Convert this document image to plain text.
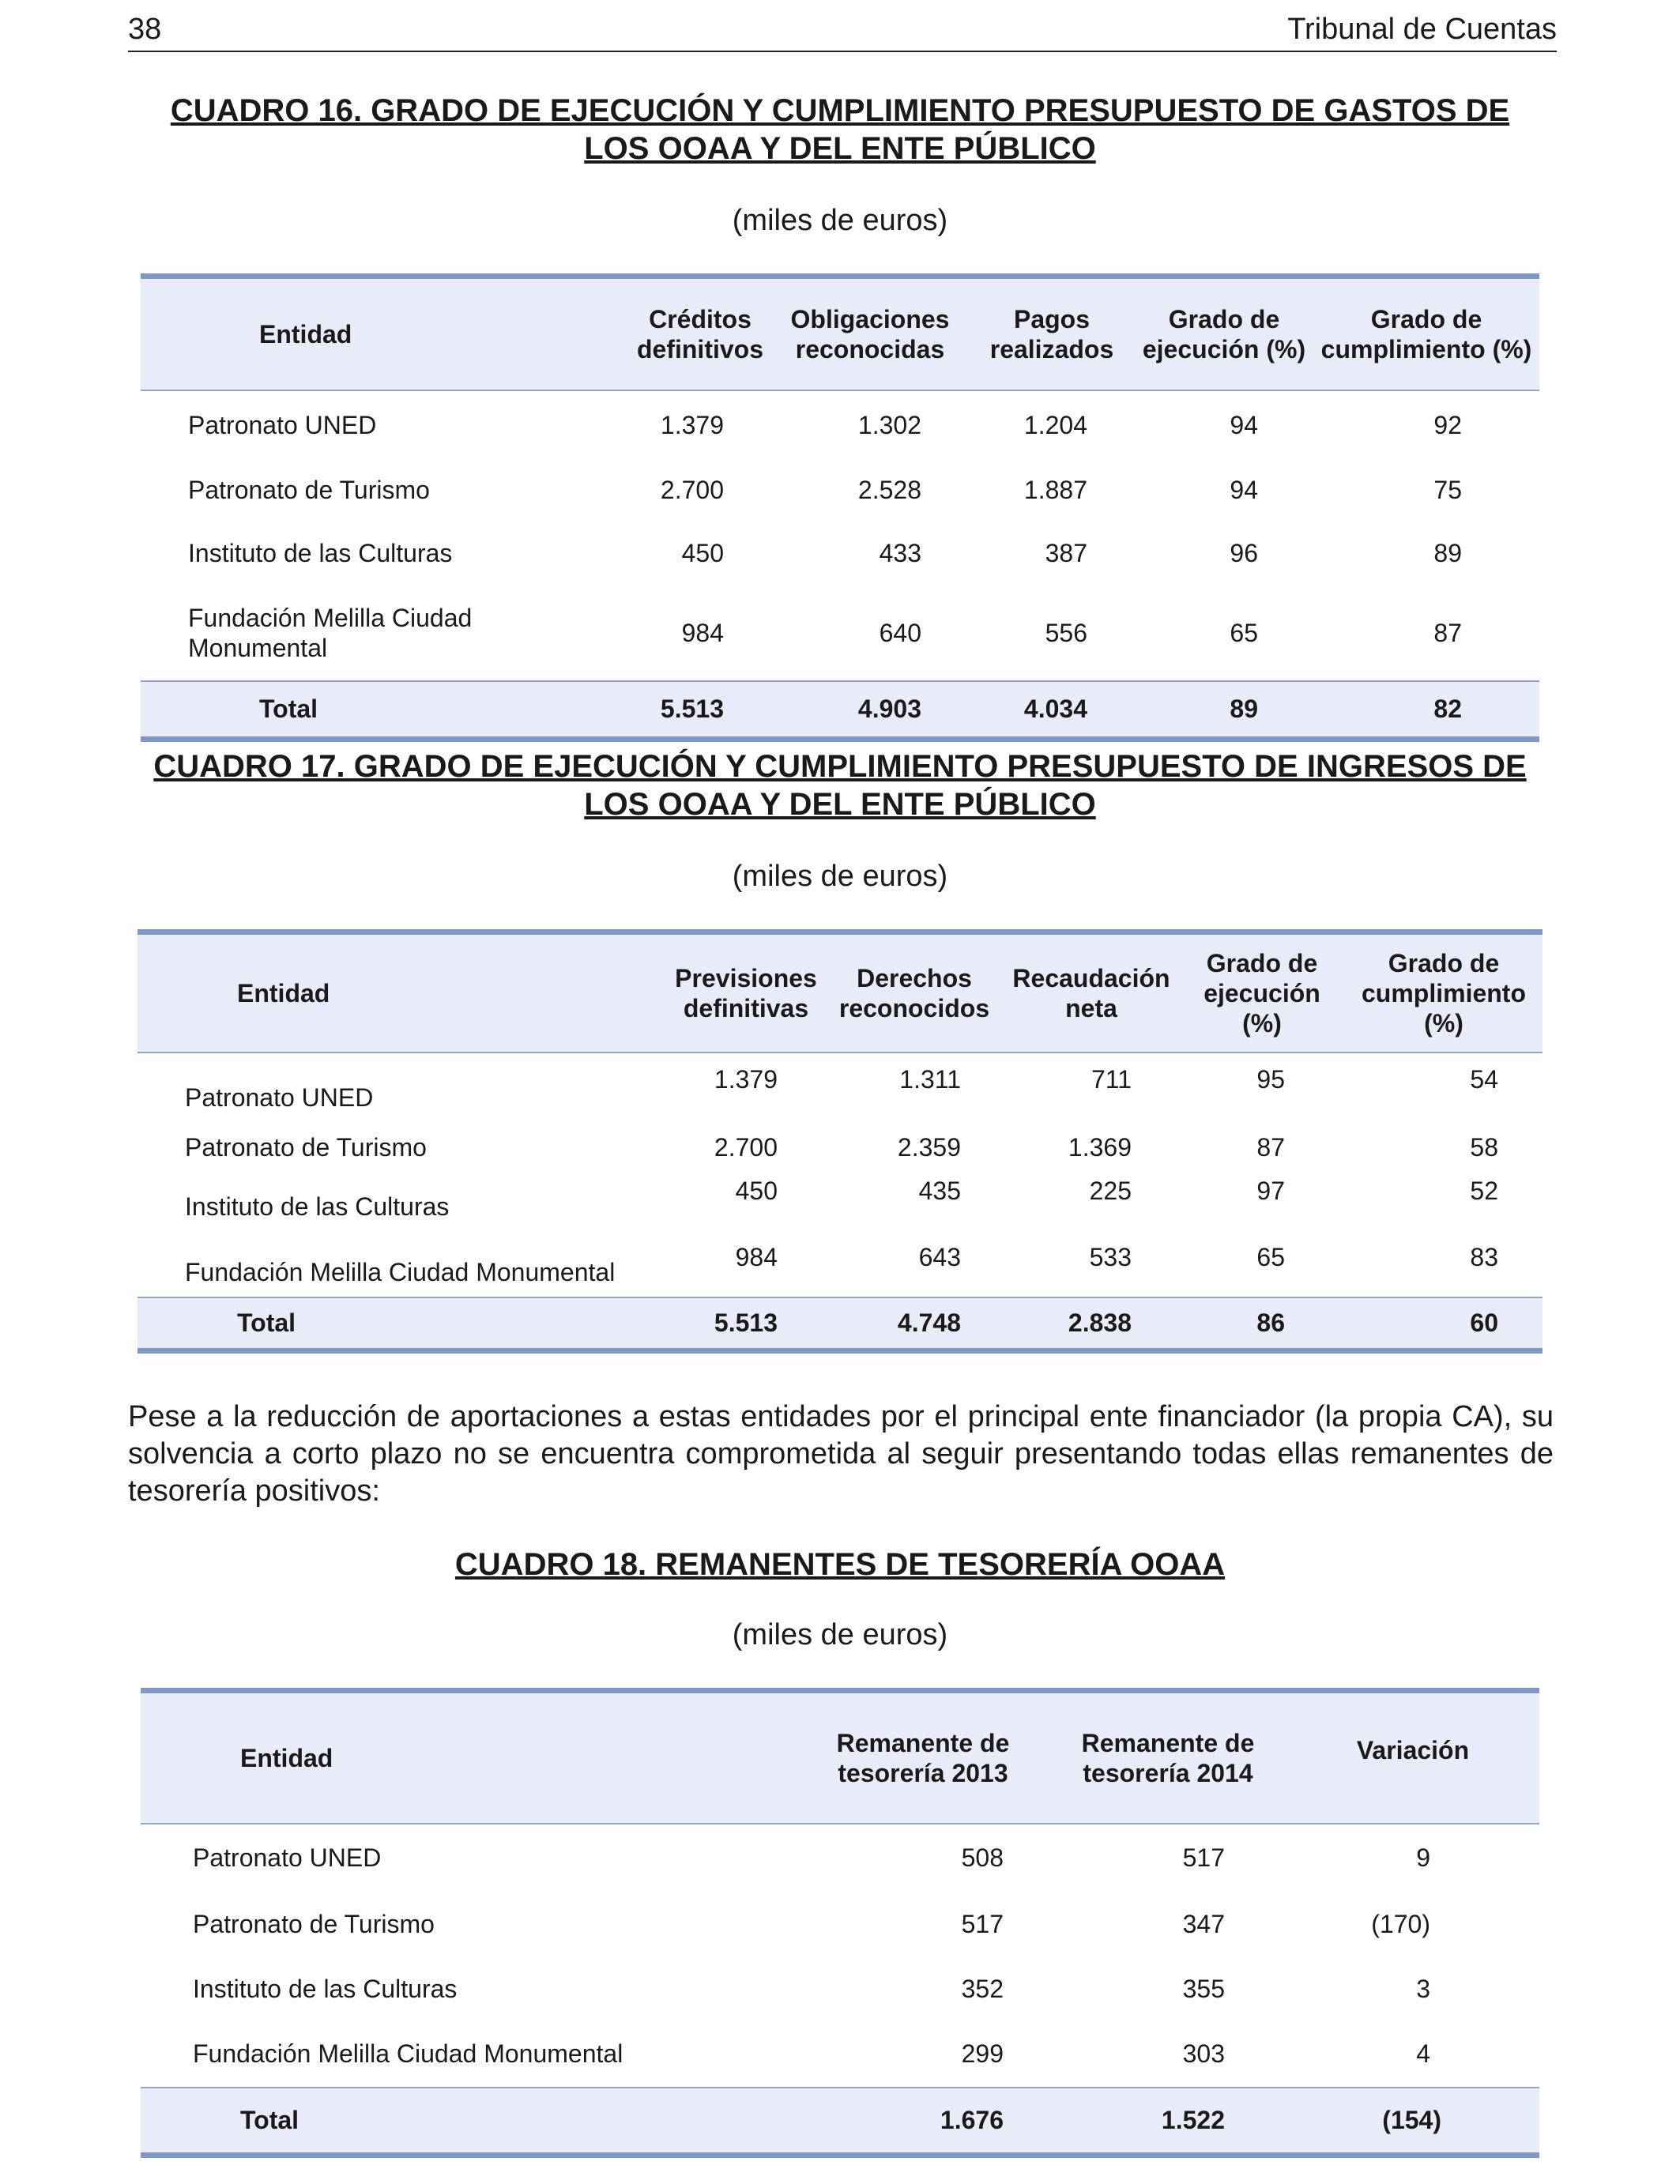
38	Tribunal de Cuentas
CUADRO 16. GRADO DE EJECUCIÓN Y CUMPLIMIENTO PRESUPUESTO DE GASTOS DE
LOS OOAA Y DEL ENTE PÚBLICO
(miles de euros)
Entidad	Créditos definitivos	Obligaciones reconocidas	Pagos realizados	Grado de ejecución (%)	Grado de cumplimiento (%)
Patronato UNED	1.379	1.302	1.204	94	92
Patronato de Turismo	2.700	2.528	1.887	94	75
Instituto de las Culturas	450	433	387	96	89
Fundación Melilla Ciudad Monumental	984	640	556	65	87
Total	5.513	4.903	4.034	89	82
CUADRO 17. GRADO DE EJECUCIÓN Y CUMPLIMIENTO PRESUPUESTO DE INGRESOS DE
LOS OOAA Y DEL ENTE PÚBLICO
(miles de euros)
Entidad	Previsiones definitivas	Derechos reconocidos	Recaudación neta	Grado de ejecución (%)	Grado de cumplimiento (%)
Patronato UNED	1.379	1.311	711	95	54
Patronato de Turismo	2.700	2.359	1.369	87	58
Instituto de las Culturas	450	435	225	97	52
Fundación Melilla Ciudad Monumental	984	643	533	65	83
Total	5.513	4.748	2.838	86	60
Pese a la reducción de aportaciones a estas entidades por el principal ente financiador (la propia CA), su solvencia a corto plazo no se encuentra comprometida al seguir presentando todas ellas remanentes de tesorería positivos:
CUADRO 18. REMANENTES DE TESORERÍA OOAA
(miles de euros)
Entidad	Remanente de tesorería 2013	Remanente de tesorería 2014	Variación
Patronato UNED	508	517	9
Patronato de Turismo	517	347	(170)
Instituto de las Culturas	352	355	3
Fundación Melilla Ciudad Monumental	299	303	4
Total	1.676	1.522	(154)
